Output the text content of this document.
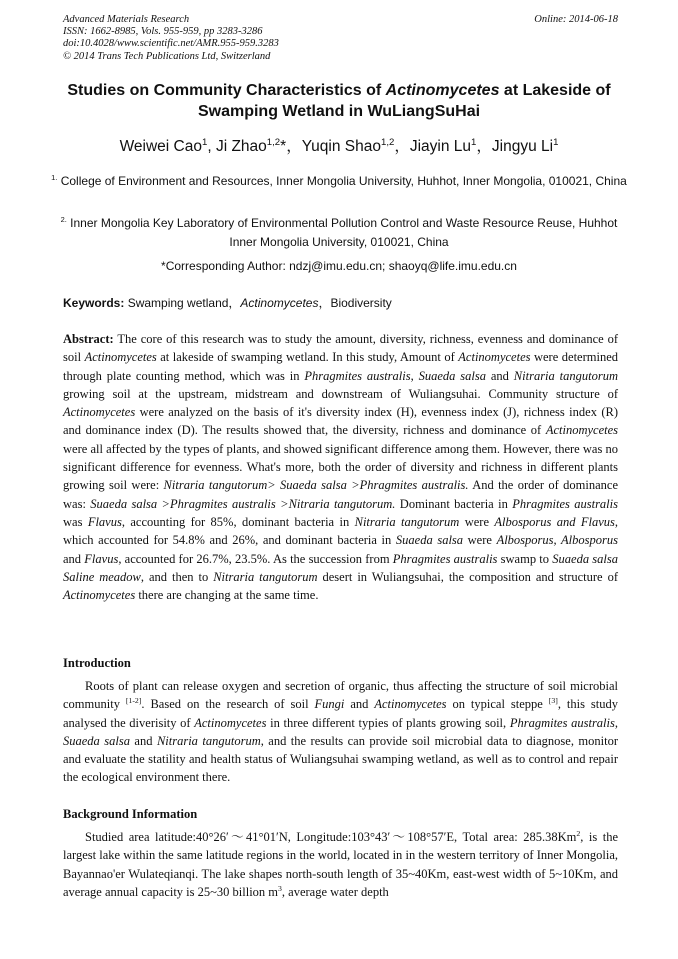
Advanced Materials Research
ISSN: 1662-8985, Vols. 955-959, pp 3283-3286
doi:10.4028/www.scientific.net/AMR.955-959.3283
© 2014 Trans Tech Publications Ltd, Switzerland
Online: 2014-06-18
Studies on Community Characteristics of Actinomycetes at Lakeside of Swamping Wetland in WuLiangSuHai
Weiwei Cao$^1$, Ji Zhao$^{1,2}$*，Yuqin Shao$^{1,2}$，Jiayin Lu$^1$，Jingyu Li$^1$
$^{1.}$ College of Environment and Resources, Inner Mongolia University, Huhhot, Inner Mongolia, 010021, China
$^{2.}$ Inner Mongolia Key Laboratory of Environmental Pollution Control and Waste Resource Reuse, Huhhot Inner Mongolia University, 010021, China
*Corresponding Author: ndzj@imu.edu.cn; shaoyq@life.imu.edu.cn
Keywords: Swamping wetland，Actinomycetes，Biodiversity
Abstract: The core of this research was to study the amount, diversity, richness, evenness and dominance of soil Actinomycetes at lakeside of swamping wetland. In this study, Amount of Actinomycetes were determined through plate counting method, which was in Phragmites australis, Suaeda salsa and Nitraria tangutorum growing soil at the upstream, midstream and downstream of Wuliangsuhai. Community structure of Actinomycetes were analyzed on the basis of it's diversity index (H), evenness index (J), richness index (R) and dominance index (D). The results showed that, the diversity, richness and dominance of Actinomycetes were all affected by the types of plants, and showed significant difference among them. However, there was no significant difference for evenness. What's more, both the order of diversity and richness in different plants growing soil were: Nitraria tangutorum> Suaeda salsa >Phragmites australis. And the order of dominance was: Suaeda salsa >Phragmites australis >Nitraria tangutorum. Dominant bacteria in Phragmites australis was Flavus, accounting for 85%, dominant bacteria in Nitraria tangutorum were Albosporus and Flavus, which accounted for 54.8% and 26%, and dominant bacteria in Suaeda salsa were Albosporus, Albosporus and Flavus, accounted for 26.7%, 23.5%. As the succession from Phragmites australis swamp to Suaeda salsa Saline meadow, and then to Nitraria tangutorum desert in Wuliangsuhai, the composition and structure of Actinomycetes there are changing at the same time.
Introduction
Roots of plant can release oxygen and secretion of organic, thus affecting the structure of soil microbial community [1-2]. Based on the research of soil Fungi and Actinomycetes on typical steppe [3], this study analysed the diverisity of Actinomycetes in three different typies of plants growing soil, Phragmites australis, Suaeda salsa and Nitraria tangutorum, and the results can provide soil microbial data to diagnose, monitor and evaluate the statility and health status of Wuliangsuhai swamping wetland, as well as to control and repair the ecological environment there.
Background Information
Studied area latitude:40°26′～41°01′N, Longitude:103°43′～108°57′E, Total area: 285.38Km$^2$, is the largest lake within the same latitude regions in the world, located in in the western territory of Inner Mongolia, Bayannao'er Wulateqianqi. The lake shapes north-south length of 35~40Km, east-west width of 5~10Km, and average annual capacity is 25~30 billion $m^3$, average water depth
